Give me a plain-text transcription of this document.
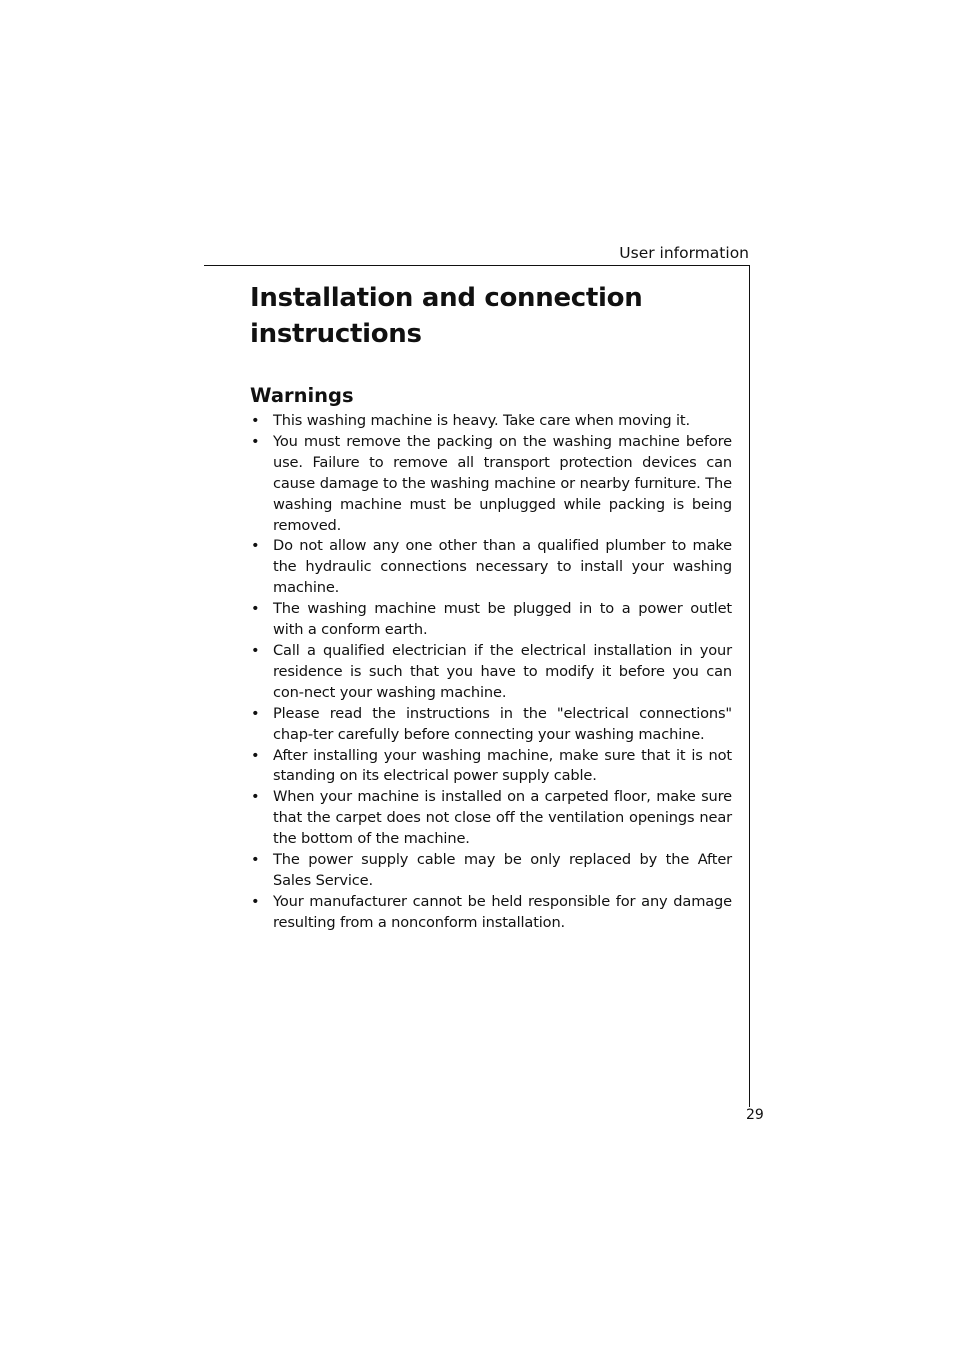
User information
Installation and connection instructions
Warnings
• This washing machine is heavy. Take care when moving it.
• You must remove the packing on the washing machine before use. Failure to remove all transport protection devices can cause damage to the washing machine or nearby furniture. The washing machine must be unplugged while packing is being removed.
• Do not allow any one other than a qualified plumber to make the hydraulic connections necessary to install your washing machine.
• The washing machine must be plugged in to a power outlet with a conform earth.
• Call a qualified electrician if the electrical installation in your residence is such that you have to modify it before you can con-nect your washing machine.
• Please read the instructions in the "electrical connections" chap-ter carefully before connecting your washing machine.
• After installing your washing machine, make sure that it is not standing on its electrical power supply cable.
• When your machine is installed on a carpeted floor, make sure that the carpet does not close off the ventilation openings near the bottom of the machine.
• The power supply cable may be only replaced by the After Sales Service.
• Your manufacturer cannot be held responsible for any damage resulting from a nonconform installation.
29
